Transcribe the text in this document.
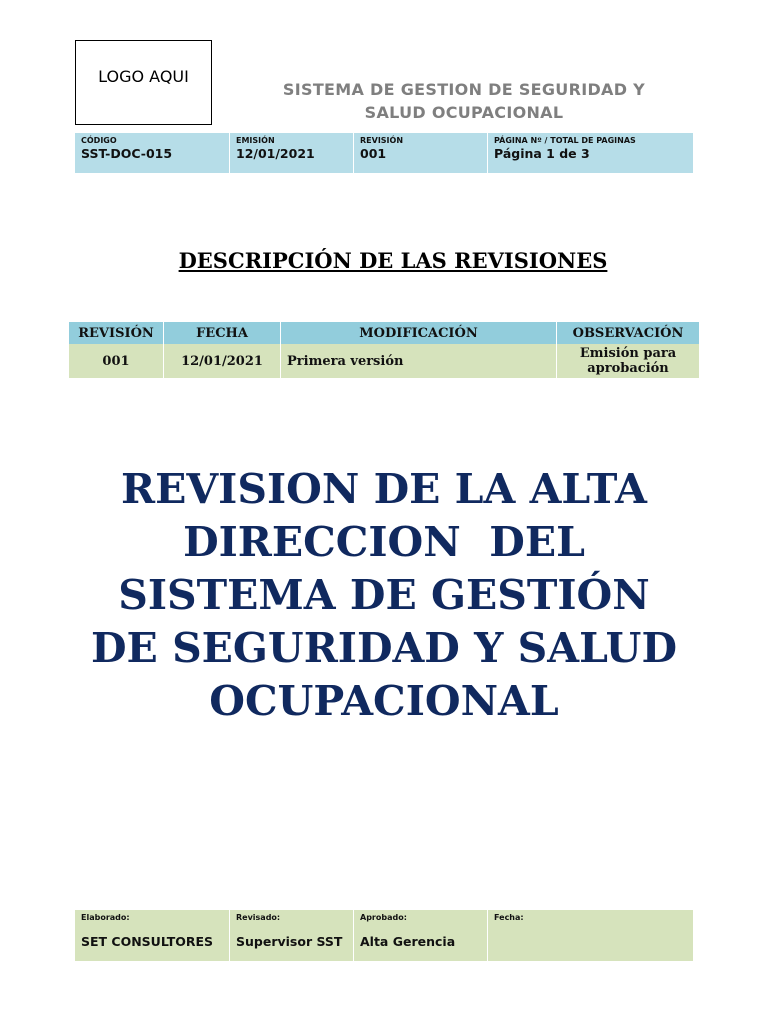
LOGO AQUI
SISTEMA DE GESTION DE SEGURIDAD Y
SALUD OCUPACIONAL
CÓDIGO
SST-DOC-015
EMISIÓN
12/01/2021
REVISIÓN
001
PÁGINA Nº / TOTAL DE PAGINAS
Página 1 de 3
DESCRIPCIÓN DE LAS REVISIONES
REVISIÓN	FECHA	MODIFICACIÓN	OBSERVACIÓN
001	12/01/2021	Primera versión	Emisión para
aprobación
REVISION DE LA ALTA
DIRECCION  DEL
SISTEMA DE GESTIÓN
DE SEGURIDAD Y SALUD
OCUPACIONAL
Elaborado:
SET CONSULTORES
Revisado:
Supervisor SST
Aprobado:
Alta Gerencia
Fecha:
